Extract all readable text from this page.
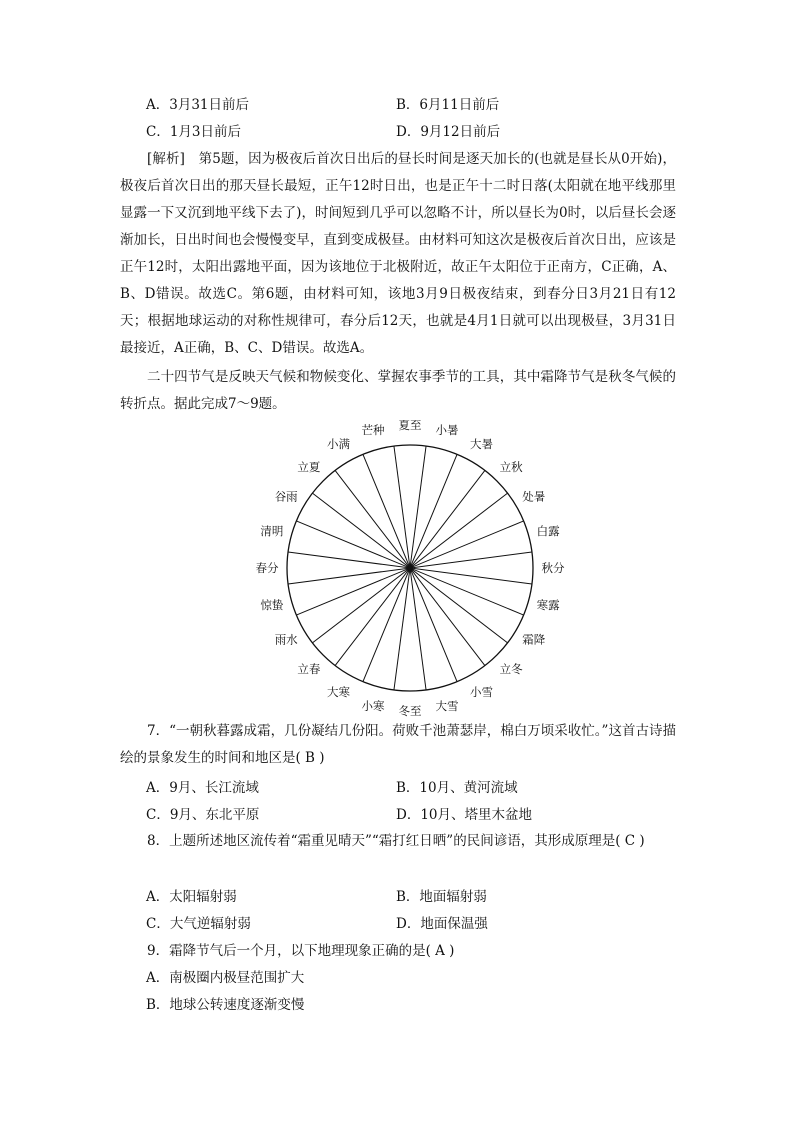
A．3月31日前后	B．6月11日前后
C．1月3日前后	D．9月12日前后
[解析]　第5题，因为极夜后首次日出后的昼长时间是逐天加长的(也就是昼长从0开始)，极夜后首次日出的那天昼长最短，正午12时日出，也是正午十二时日落(太阳就在地平线那里显露一下又沉到地平线下去了)，时间短到几乎可以忽略不计，所以昼长为0时，以后昼长会逐渐加长，日出时间也会慢慢变早，直到变成极昼。由材料可知这次是极夜后首次日出，应该是正午12时，太阳出露地平面，因为该地位于北极附近，故正午太阳位于正南方，C正确，A、B、D错误。故选C。第6题，由材料可知，该地3月9日极夜结束，到春分日3月21日有12天；根据地球运动的对称性规律可，春分后12天，也就是4月1日就可以出现极昼，3月31日最接近，A正确，B、C、D错误。故选A。
二十四节气是反映天气候和物候变化、掌握农事季节的工具，其中霜降节气是秋冬气候的转折点。据此完成7～9题。
夏至 小暑
大暑
立秋
处暑
白露
秋分
寒露
霜降
立冬
小雪
大雪
冬至
小寒
大寒
立春
雨水
惊蛰
春分
清明
谷雨
立夏
小满
芒种
7．“一朝秋暮露成霜，几份凝结几份阳。荷败千池萧瑟岸，棉白万顷采收忙。”这首古诗描绘的景象发生的时间和地区是( B )
A．9月、长江流域	B．10月、黄河流域
C．9月、东北平原	D．10月、塔里木盆地
8．上题所述地区流传着“霜重见晴天”“霜打红日晒”的民间谚语，其形成原理是( C )
A．太阳辐射弱	B．地面辐射弱
C．大气逆辐射弱	D．地面保温强
9．霜降节气后一个月，以下地理现象正确的是( A )
A．南极圈内极昼范围扩大
B．地球公转速度逐渐变慢
